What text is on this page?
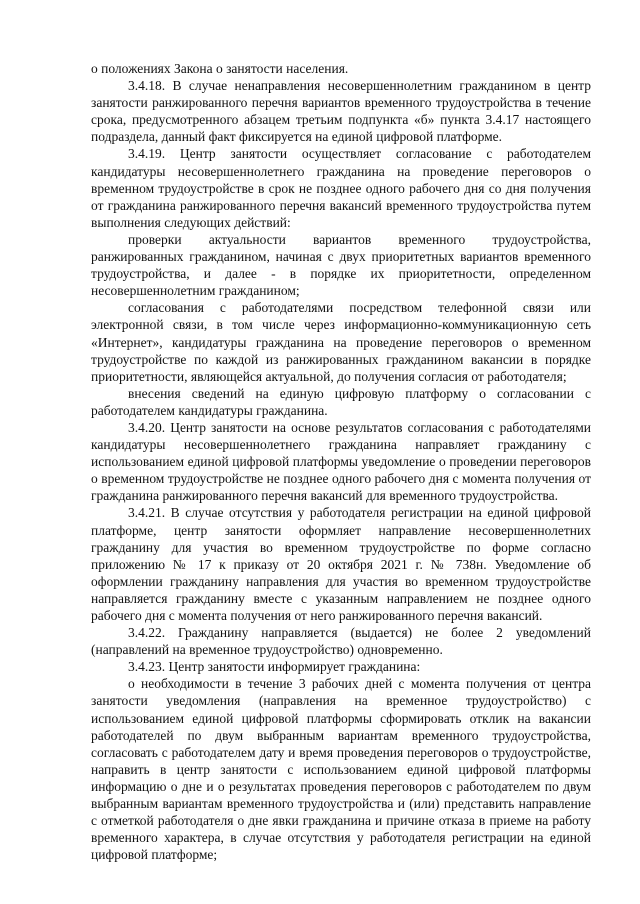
о положениях Закона о занятости населения.

3.4.18. В случае ненаправления несовершеннолетним гражданином в центр занятости ранжированного перечня вариантов временного трудоустройства в течение срока, предусмотренного абзацем третьим подпункта «б» пункта 3.4.17 настоящего подраздела, данный факт фиксируется на единой цифровой платформе.

3.4.19. Центр занятости осуществляет согласование с работодателем кандидатуры несовершеннолетнего гражданина на проведение переговоров о временном трудоустройстве в срок не позднее одного рабочего дня со дня получения от гражданина ранжированного перечня вакансий временного трудоустройства путем выполнения следующих действий:

проверки актуальности вариантов временного трудоустройства, ранжированных гражданином, начиная с двух приоритетных вариантов временного трудоустройства, и далее - в порядке их приоритетности, определенном несовершеннолетним гражданином;

согласования с работодателями посредством телефонной связи или электронной связи, в том числе через информационно-коммуникационную сеть «Интернет», кандидатуры гражданина на проведение переговоров о временном трудоустройстве по каждой из ранжированных гражданином вакансии в порядке приоритетности, являющейся актуальной, до получения согласия от работодателя;

внесения сведений на единую цифровую платформу о согласовании с работодателем кандидатуры гражданина.

3.4.20. Центр занятости на основе результатов согласования с работодателями кандидатуры несовершеннолетнего гражданина направляет гражданину с использованием единой цифровой платформы уведомление о проведении переговоров о временном трудоустройстве не позднее одного рабочего дня с момента получения от гражданина ранжированного перечня вакансий для временного трудоустройства.

3.4.21. В случае отсутствия у работодателя регистрации на единой цифровой платформе, центр занятости оформляет направление несовершеннолетних гражданину для участия во временном трудоустройстве по форме согласно приложению № 17 к приказу от 20 октября 2021 г. № 738н. Уведомление об оформлении гражданину направления для участия во временном трудоустройстве направляется гражданину вместе с указанным направлением не позднее одного рабочего дня с момента получения от него ранжированного перечня вакансий.

3.4.22. Гражданину направляется (выдается) не более 2 уведомлений (направлений на временное трудоустройство) одновременно.

3.4.23. Центр занятости информирует гражданина:

о необходимости в течение 3 рабочих дней с момента получения от центра занятости уведомления (направления на временное трудоустройство) с использованием единой цифровой платформы сформировать отклик на вакансии работодателей по двум выбранным вариантам временного трудоустройства, согласовать с работодателем дату и время проведения переговоров о трудоустройстве, направить в центр занятости с использованием единой цифровой платформы информацию о дне и о результатах проведения переговоров с работодателем по двум выбранным вариантам временного трудоустройства и (или) представить направление с отметкой работодателя о дне явки гражданина и причине отказа в приеме на работу временного характера, в случае отсутствия у работодателя регистрации на единой цифровой платформе;
